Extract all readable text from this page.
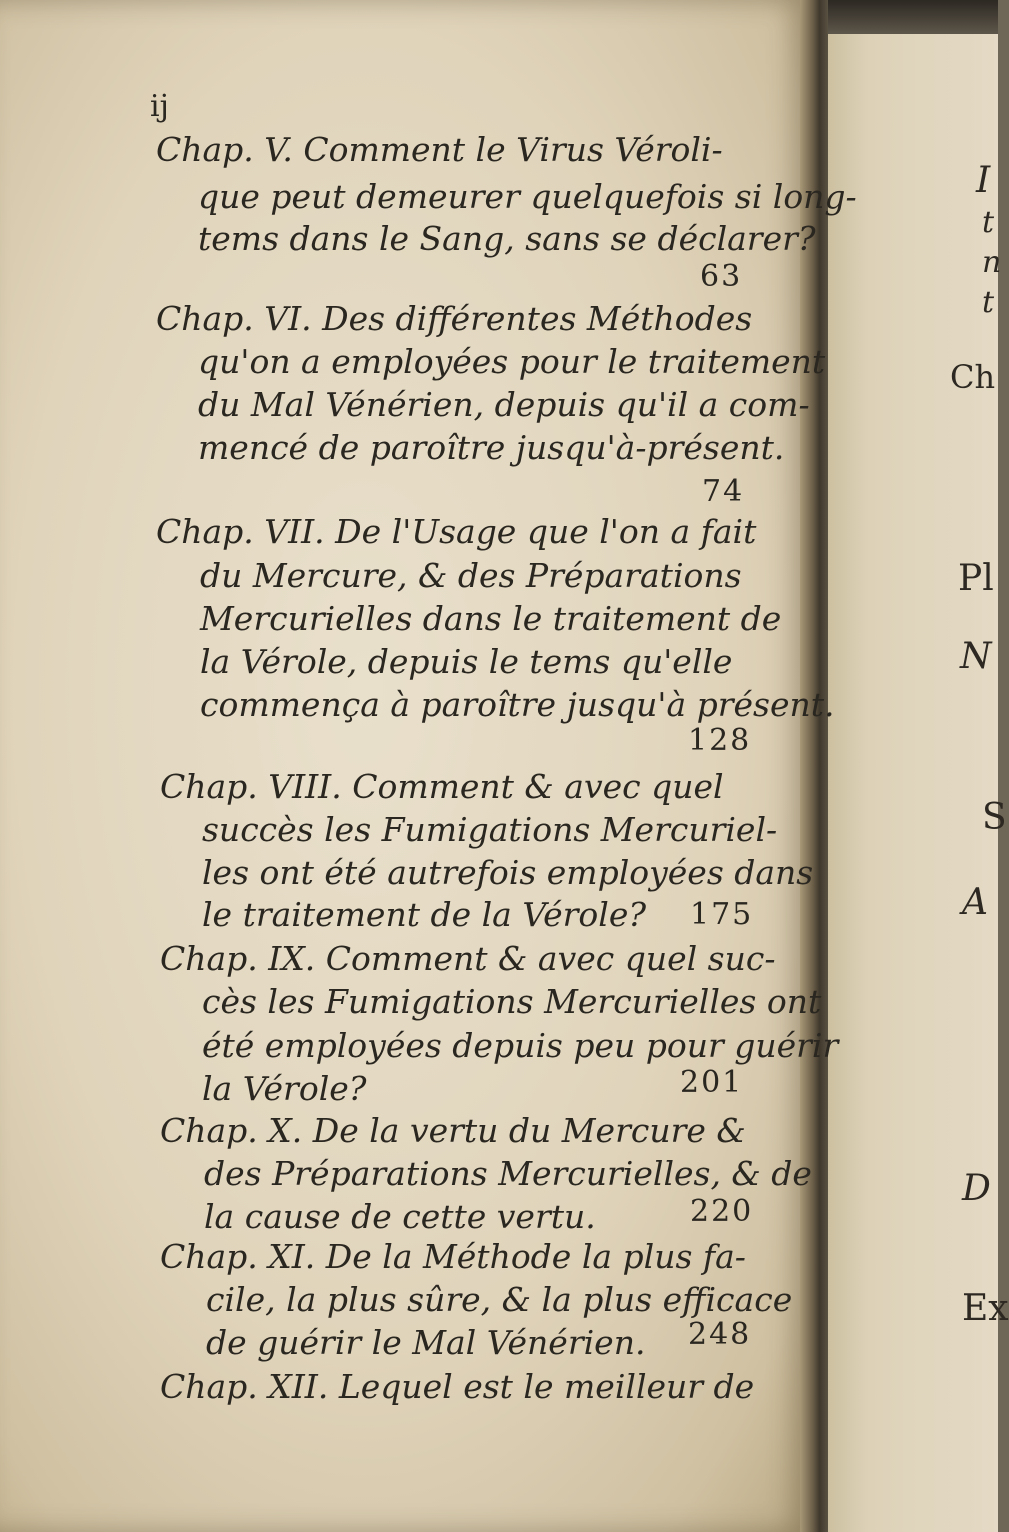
ij
Chap. V. Comment le Virus Véroli-
que peut demeurer quelquefois si long-
tems dans le Sang, sans se déclarer?
63
Chap. VI. Des différentes Méthodes
qu'on a employées pour le traitement
du Mal Vénérien, depuis qu'il a com-
mencé de paroître jusqu'à-présent.
74
Chap. VII. De l'Usage que l'on a fait
du Mercure, & des Préparations
Mercurielles dans le traitement de
la Vérole, depuis le tems qu'elle
commença à paroître jusqu'à présent.
128
Chap. VIII. Comment & avec quel
succès les Fumigations Mercuriel-
les ont été autrefois employées dans
le traitement de la Vérole? 175
Chap. IX. Comment & avec quel suc-
cès les Fumigations Mercurielles ont
été employées depuis peu pour guérir
la Vérole?	201
Chap. X. De la vertu du Mercure &
des Préparations Mercurielles, & de
la cause de cette vertu.	220
Chap. XI. De la Méthode la plus fa-
cile, la plus sûre, & la plus efficace
de guérir le Mal Vénérien. 248
Chap. XII. Lequel est le meilleur de
I
t
n
t
Ch
Pl
N
S
A
D
Ex
